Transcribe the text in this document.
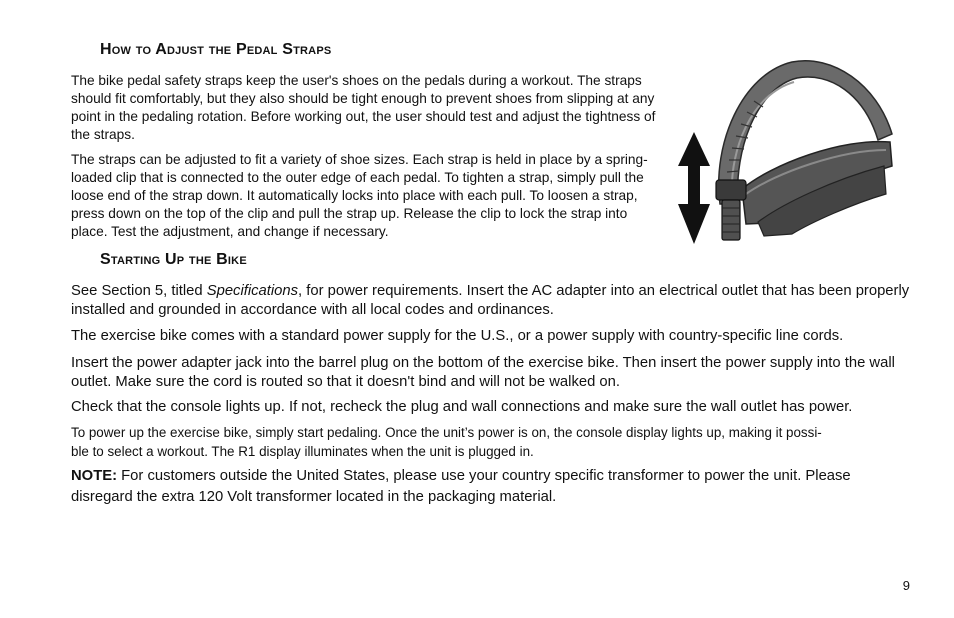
How to Adjust the Pedal Straps

The bike pedal safety straps keep the user's shoes on the pedals during a workout. The straps should fit comfortably, but they also should be tight enough to prevent shoes from slipping at any point in the pedaling rotation. Before working out, the user should test and adjust the tightness of the straps.

The straps can be adjusted to fit a variety of shoe sizes. Each strap is held in place by a spring-loaded clip that is connected to the outer edge of each pedal. To tighten a strap, simply pull the loose end of the strap down. It automatically locks into place with each pull. To loosen a strap, press down on the top of the clip and pull the strap up. Release the clip to lock the strap into place. Test the adjustment, and change if necessary.

Starting Up the Bike

See Section 5, titled Specifications, for power requirements. Insert the AC adapter into an electrical outlet that has been properly installed and grounded in accordance with all local codes and ordinances.

The exercise bike comes with a standard power supply for the U.S., or a power supply with country-specific line cords.

Insert the power adapter jack into the barrel plug on the bottom of the exercise bike. Then insert the power supply into the wall outlet. Make sure the cord is routed so that it doesn't bind and will not be walked on.

Check that the console lights up. If not, recheck the plug and wall connections and make sure the wall outlet has power.

To power up the exercise bike, simply start pedaling. Once the unit’s power is on, the console display lights up, making it possi-
ble to select a workout. The R1 display illuminates when the unit is plugged in.

NOTE: For customers outside the United States, please use your country specific transformer to power the unit. Please disregard the extra 120 Volt transformer located in the packaging material.

9
